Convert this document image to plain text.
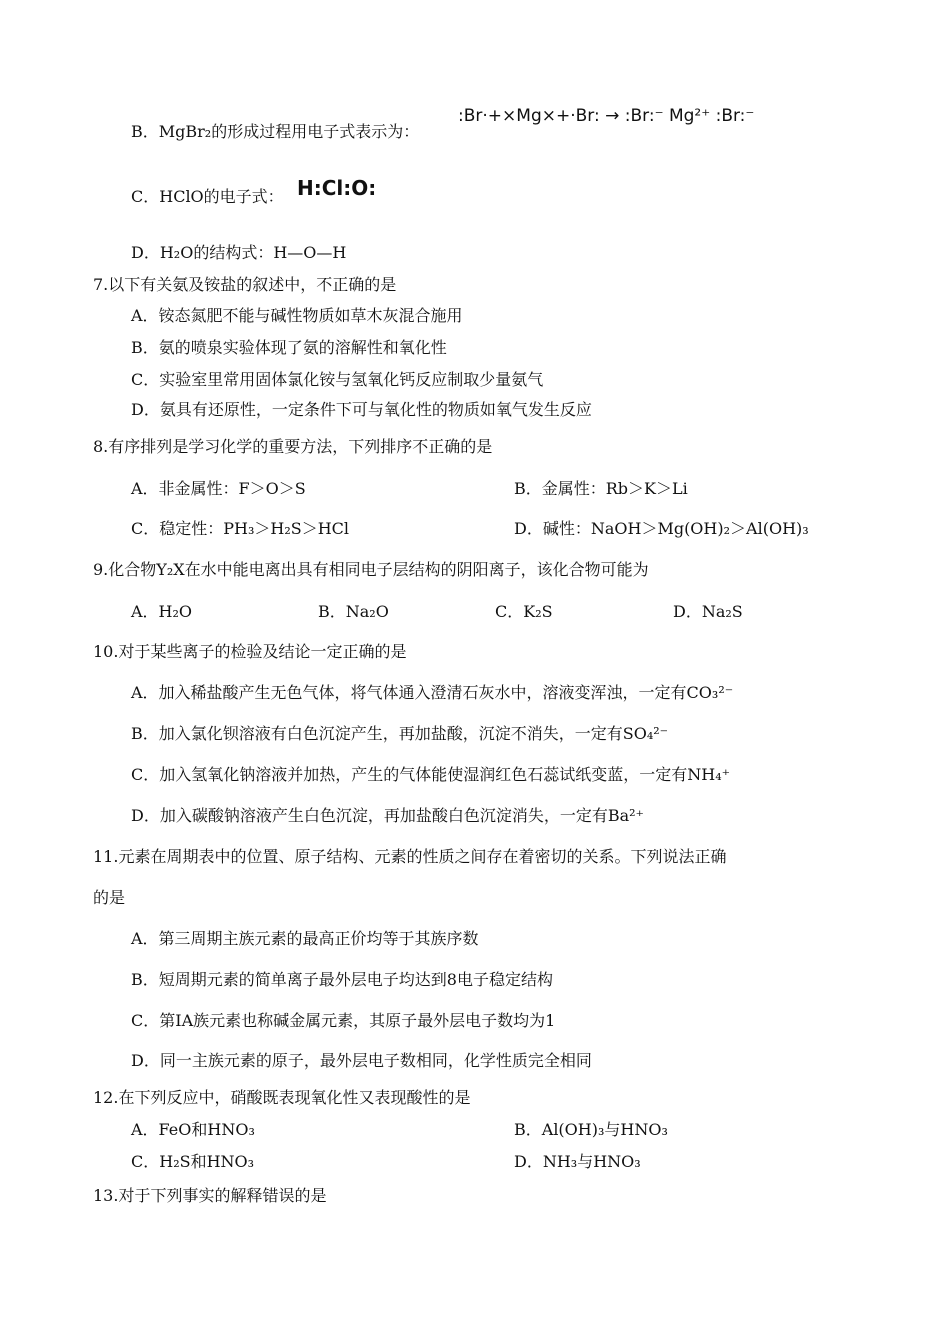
B．MgBr₂的形成过程用电子式表示为：
:Br·+×Mg×+·Br: → :Br:⁻ Mg²⁺ :Br:⁻
C．HClO的电子式： H:Cl:O:
D．H₂O的结构式：H—O—H
7.以下有关氨及铵盐的叙述中，不正确的是
A．铵态氮肥不能与碱性物质如草木灰混合施用
B．氨的喷泉实验体现了氨的溶解性和氧化性
C．实验室里常用固体氯化铵与氢氧化钙反应制取少量氨气
D．氨具有还原性，一定条件下可与氧化性的物质如氧气发生反应
8.有序排列是学习化学的重要方法，下列排序不正确的是
A．非金属性：F＞O＞S	B．金属性：Rb＞K＞Li
C．稳定性：PH₃＞H₂S＞HCl	D．碱性：NaOH＞Mg(OH)₂＞Al(OH)₃
9.化合物Y₂X在水中能电离出具有相同电子层结构的阴阳离子，该化合物可能为
A．H₂O	B．Na₂O	C．K₂S	D．Na₂S
10.对于某些离子的检验及结论一定正确的是
A．加入稀盐酸产生无色气体，将气体通入澄清石灰水中，溶液变浑浊，一定有CO₃²⁻
B．加入氯化钡溶液有白色沉淀产生，再加盐酸，沉淀不消失，一定有SO₄²⁻
C．加入氢氧化钠溶液并加热，产生的气体能使湿润红色石蕊试纸变蓝，一定有NH₄⁺
D．加入碳酸钠溶液产生白色沉淀，再加盐酸白色沉淀消失，一定有Ba²⁺
11.元素在周期表中的位置、原子结构、元素的性质之间存在着密切的关系。下列说法正确
的是
A．第三周期主族元素的最高正价均等于其族序数
B．短周期元素的简单离子最外层电子均达到8电子稳定结构
C．第ⅠA族元素也称碱金属元素，其原子最外层电子数均为1
D．同一主族元素的原子，最外层电子数相同，化学性质完全相同
12.在下列反应中，硝酸既表现氧化性又表现酸性的是
A．FeO和HNO₃	B．Al(OH)₃与HNO₃
C．H₂S和HNO₃	D．NH₃与HNO₃
13.对于下列事实的解释错误的是
